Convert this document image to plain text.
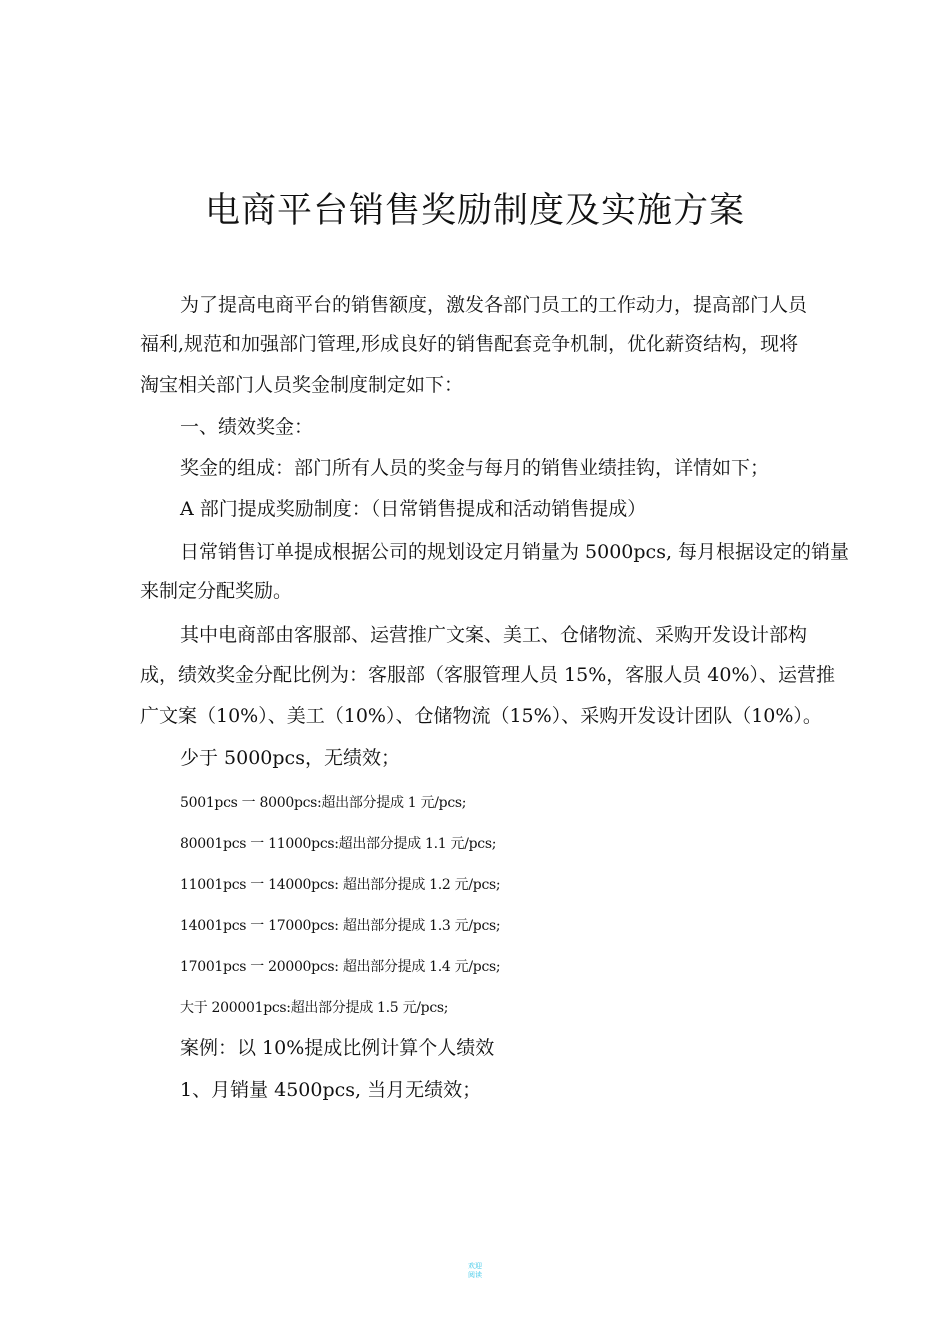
电商平台销售奖励制度及实施方案
为了提高电商平台的销售额度，激发各部门员工的工作动力，提高部门人员
福利,规范和加强部门管理,形成良好的销售配套竞争机制，优化薪资结构，现将
淘宝相关部门人员奖金制度制定如下：
一、绩效奖金：
奖金的组成：部门所有人员的奖金与每月的销售业绩挂钩，详情如下；
A 部门提成奖励制度：（日常销售提成和活动销售提成）
日常销售订单提成根据公司的规划设定月销量为 5000pcs, 每月根据设定的销量
来制定分配奖励。
其中电商部由客服部、运营推广文案、美工、仓储物流、采购开发设计部构
成，绩效奖金分配比例为：客服部（客服管理人员 15%，客服人员 40%）、运营推
广文案（10%）、美工（10%）、仓储物流（15%）、采购开发设计团队（10%）。
少于 5000pcs，无绩效；
5001pcs 一 8000pcs:超出部分提成 1 元/pcs;
80001pcs 一 11000pcs:超出部分提成 1.1 元/pcs;
11001pcs 一 14000pcs: 超出部分提成 1.2 元/pcs;
14001pcs 一 17000pcs: 超出部分提成 1.3 元/pcs;
17001pcs 一 20000pcs: 超出部分提成 1.4 元/pcs;
大于 200001pcs:超出部分提成 1.5 元/pcs;
案例：以 10%提成比例计算个人绩效
1、月销量 4500pcs, 当月无绩效；
欢迎
阅读
